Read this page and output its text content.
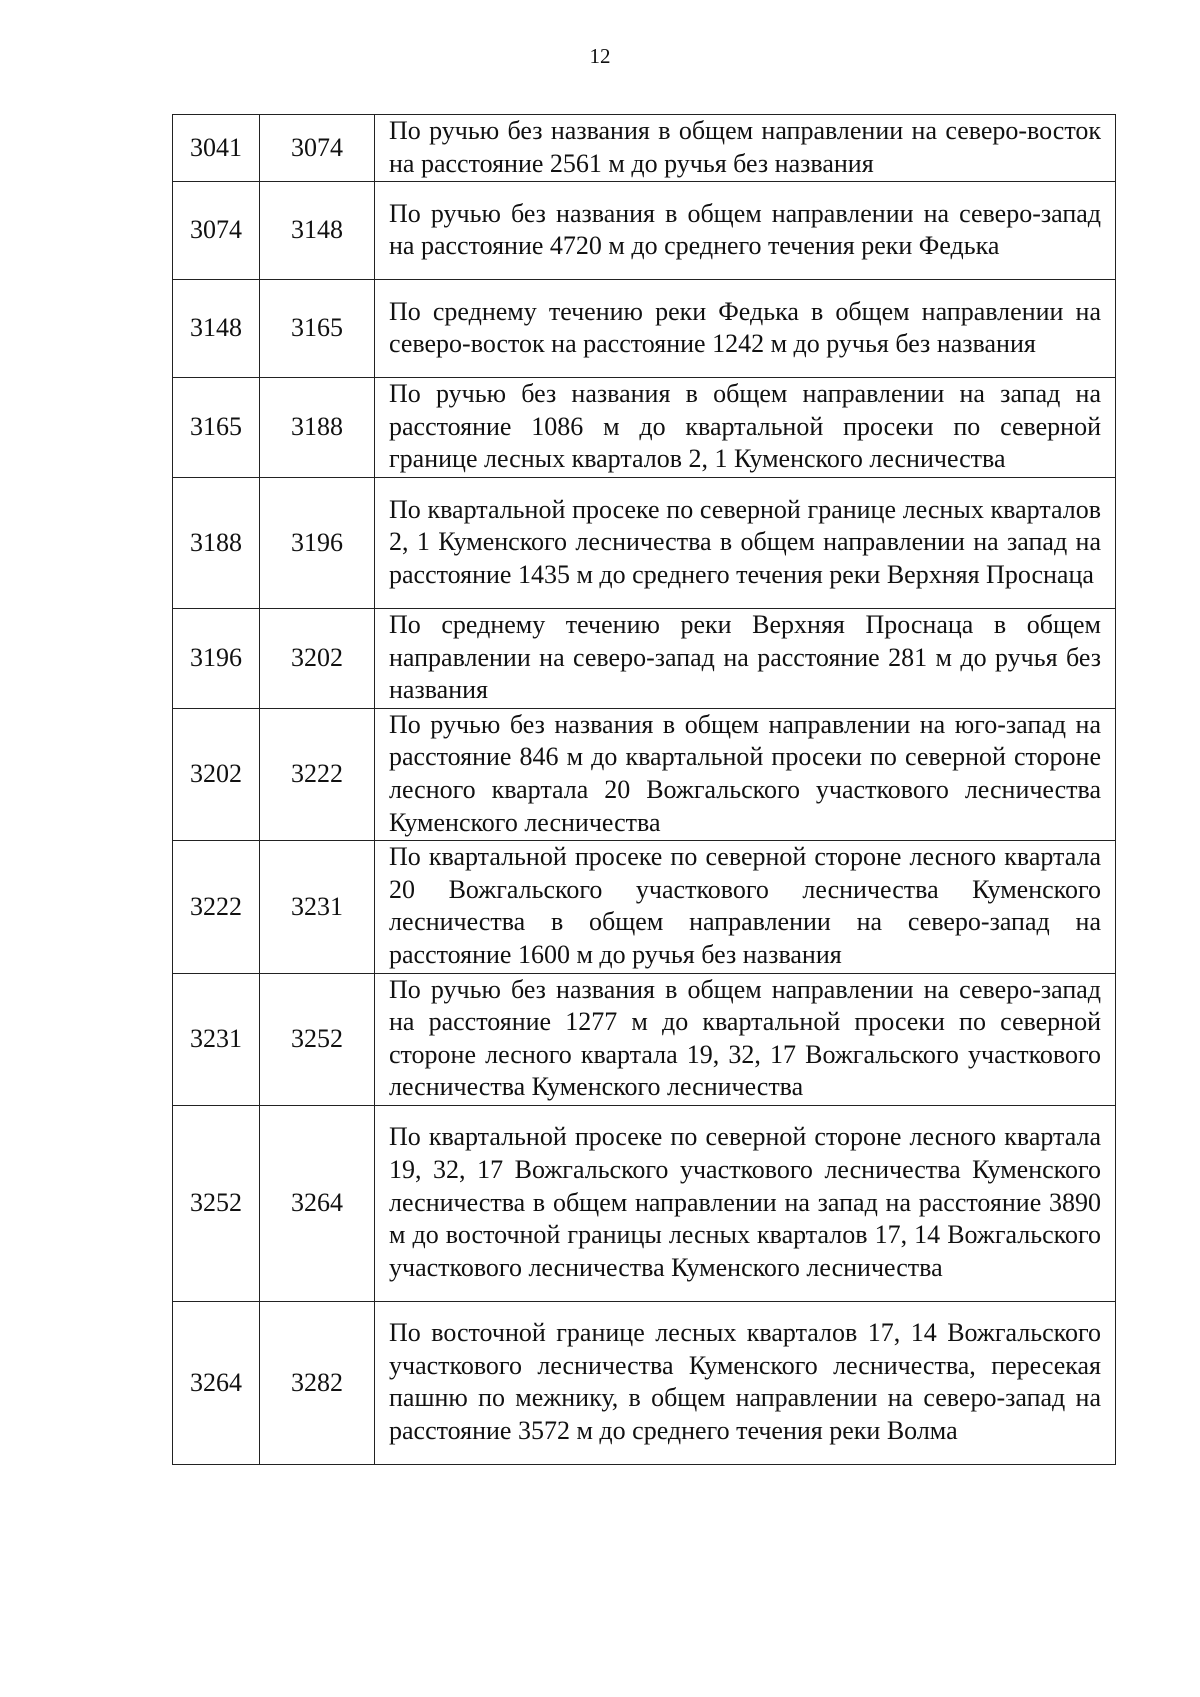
12
3041	3074	По ручью без названия в общем направлении на северо-восток на расстояние 2561 м до ручья без названия
3074	3148	По ручью без названия в общем направлении на северо-запад на расстояние 4720 м до среднего течения реки Федька
3148	3165	По среднему течению реки Федька в общем направлении на северо-восток на расстояние 1242 м до ручья без названия
3165	3188	По ручью без названия в общем направлении на запад на расстояние 1086 м до квартальной просеки по северной границе лесных кварталов 2, 1 Куменского лесничества
3188	3196	По квартальной просеке по северной границе лесных кварталов 2, 1 Куменского лесничества в общем направлении на запад на расстояние 1435 м до среднего течения реки Верхняя Проснаца
3196	3202	По среднему течению реки Верхняя Проснаца в общем направлении на северо-запад на расстояние 281 м до ручья без названия
3202	3222	По ручью без названия в общем направлении на юго-запад на расстояние 846 м до квартальной просеки по северной стороне лесного квартала 20 Вожгальского участкового лесничества Куменского лесничества
3222	3231	По квартальной просеке по северной стороне лесного квартала 20 Вожгальского участкового лесничества Куменского лесничества в общем направлении на северо-запад на расстояние 1600 м до ручья без названия
3231	3252	По ручью без названия в общем направлении на северо-запад на расстояние 1277 м до квартальной просеки по северной стороне лесного квартала 19, 32, 17 Вожгальского участкового лесничества Куменского лесничества
3252	3264	По квартальной просеке по северной стороне лесного квартала 19, 32, 17 Вожгальского участкового лесничества Куменского лесничества в общем направлении на запад на расстояние 3890 м до восточной границы лесных кварталов 17, 14 Вожгальского участкового лесничества Куменского лесничества
3264	3282	По восточной границе лесных кварталов 17, 14 Вожгальского участкового лесничества Куменского лесничества, пересекая пашню по межнику, в общем направлении на северо-запад на расстояние 3572 м до среднего течения реки Волма
